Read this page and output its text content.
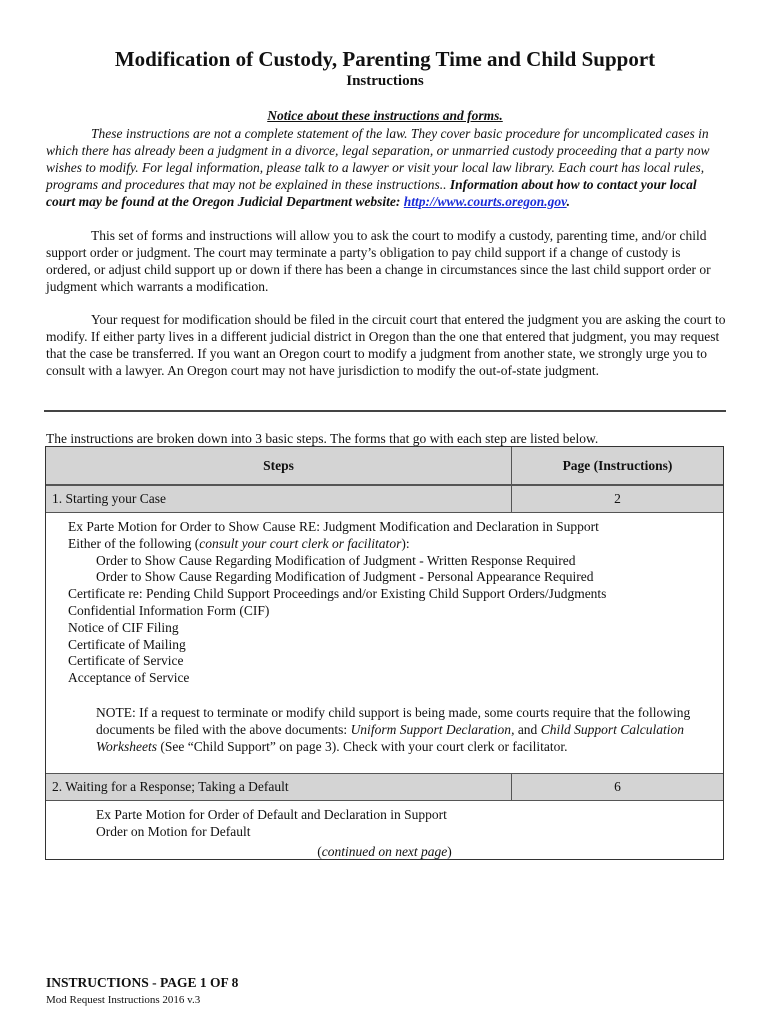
Modification of Custody, Parenting Time and Child Support
Instructions
Notice about these instructions and forms.

These instructions are not a complete statement of the law. They cover basic procedure for uncomplicated cases in which there has already been a judgment in a divorce, legal separation, or unmarried custody proceeding that a party now wishes to modify. For legal information, please talk to a lawyer or visit your local law library. Each court has local rules, programs and procedures that may not be explained in these instructions.. Information about how to contact your local court may be found at the Oregon Judicial Department website: http://www.courts.oregon.gov.

This set of forms and instructions will allow you to ask the court to modify a custody, parenting time, and/or child support order or judgment. The court may terminate a party’s obligation to pay child support if a change of custody is ordered, or adjust child support up or down if there has been a change in circumstances since the last child support order or judgment which warrants a modification.

Your request for modification should be filed in the circuit court that entered the judgment you are asking the court to modify. If either party lives in a different judicial district in Oregon than the one that entered that judgment, you may request that the case be transferred. If you want an Oregon court to modify a judgment from another state, we strongly urge you to consult with a lawyer. An Oregon court may not have jurisdiction to modify the out-of-state judgment.

The instructions are broken down into 3 basic steps. The forms that go with each step are listed below.

Steps	Page (Instructions)
1. Starting your Case	2
Ex Parte Motion for Order to Show Cause RE: Judgment Modification and Declaration in Support
Either of the following (consult your court clerk or facilitator):
Order to Show Cause Regarding Modification of Judgment - Written Response Required
Order to Show Cause Regarding Modification of Judgment - Personal Appearance Required
Certificate re: Pending Child Support Proceedings and/or Existing Child Support Orders/Judgments
Confidential Information Form (CIF)
Notice of CIF Filing
Certificate of Mailing
Certificate of Service
Acceptance of Service

NOTE: If a request to terminate or modify child support is being made, some courts require that the following documents be filed with the above documents: Uniform Support Declaration, and Child Support Calculation Worksheets (See “Child Support” on page 3). Check with your court clerk or facilitator.

2. Waiting for a Response; Taking a Default	6
Ex Parte Motion for Order of Default and Declaration in Support
Order on Motion for Default
(continued on next page)
INSTRUCTIONS - PAGE 1 OF 8
Mod Request Instructions 2016 v.3
